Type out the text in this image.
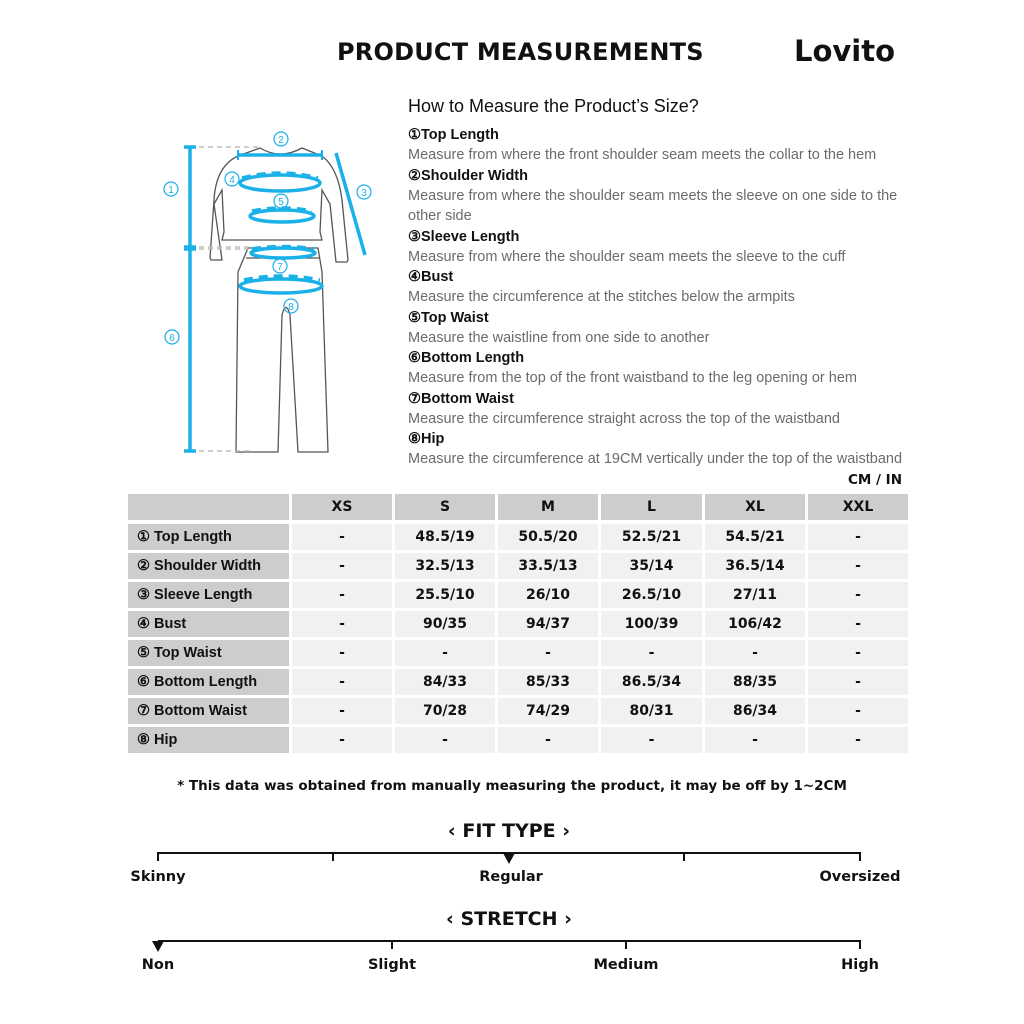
PRODUCT MEASUREMENTS	Lovito
1
2
3
4
5
6
7
8
How to Measure the Product’s Size?
①Top Length
Measure from where the front shoulder seam meets the collar to the hem
②Shoulder Width
Measure from where the shoulder seam meets the sleeve on one side to the other side
③Sleeve Length
Measure from where the shoulder seam meets the sleeve to the cuff
④Bust
Measure the circumference at the stitches below the armpits
⑤Top Waist
Measure the waistline from one side to another
⑥Bottom Length
Measure from the top of the front waistband to the leg opening or hem
⑦Bottom Waist
Measure the circumference straight across the top of the waistband
⑧Hip
Measure the circumference at 19CM vertically under the top of the waistband
CM / IN
XS	S	M	L	XL	XXL
① Top Length	-	48.5/19	50.5/20	52.5/21	54.5/21	-
② Shoulder Width	-	32.5/13	33.5/13	35/14	36.5/14	-
③ Sleeve Length	-	25.5/10	26/10	26.5/10	27/11	-
④ Bust	-	90/35	94/37	100/39	106/42	-
⑤ Top Waist	-	-	-	-	-	-
⑥ Bottom Length	-	84/33	85/33	86.5/34	88/35	-
⑦ Bottom Waist	-	70/28	74/29	80/31	86/34	-
⑧ Hip	-	-	-	-	-	-
* This data was obtained from manually measuring the product, it may be off by 1~2CM
‹ FIT TYPE ›
Skinny	Regular	Oversized
‹ STRETCH ›
Non	Slight	Medium	High
